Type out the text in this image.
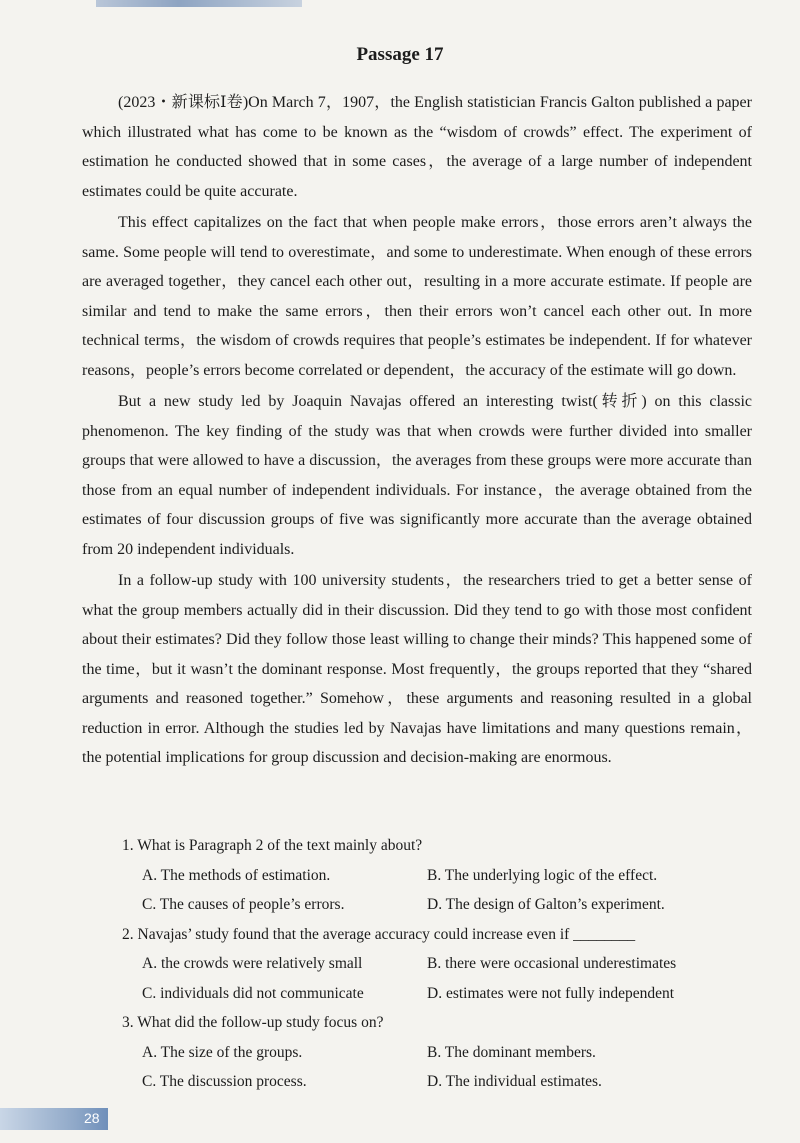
Passage 17

(2023・新课标Ⅰ卷)On March 7，1907，the English statistician Francis Galton published a paper which illustrated what has come to be known as the “wisdom of crowds” effect. The experiment of estimation he conducted showed that in some cases，the average of a large number of independent estimates could be quite accurate.

This effect capitalizes on the fact that when people make errors，those errors aren’t always the same. Some people will tend to overestimate，and some to underestimate. When enough of these errors are averaged together，they cancel each other out，resulting in a more accurate estimate. If people are similar and tend to make the same errors，then their errors won’t cancel each other out. In more technical terms，the wisdom of crowds requires that people’s estimates be independent. If for whatever reasons，people’s errors become correlated or dependent，the accuracy of the estimate will go down.

But a new study led by Joaquin Navajas offered an interesting twist(转折) on this classic phenomenon. The key finding of the study was that when crowds were further divided into smaller groups that were allowed to have a discussion，the averages from these groups were more accurate than those from an equal number of independent individuals. For instance，the average obtained from the estimates of four discussion groups of five was significantly more accurate than the average obtained from 20 independent individuals.

In a follow-up study with 100 university students，the researchers tried to get a better sense of what the group members actually did in their discussion. Did they tend to go with those most confident about their estimates? Did they follow those least willing to change their minds? This happened some of the time，but it wasn’t the dominant response. Most frequently，the groups reported that they “shared arguments and reasoned together.” Somehow，these arguments and reasoning resulted in a global reduction in error. Although the studies led by Navajas have limitations and many questions remain，the potential implications for group discussion and decision-making are enormous.

1. What is Paragraph 2 of the text mainly about?

A. The methods of estimation.	B. The underlying logic of the effect.
C. The causes of people’s errors.	D. The design of Galton’s experiment.

2. Navajas’ study found that the average accuracy could increase even if ________

A. the crowds were relatively small	B. there were occasional underestimates
C. individuals did not communicate	D. estimates were not fully independent

3. What did the follow-up study focus on?

A. The size of the groups.	B. The dominant members.
C. The discussion process.	D. The individual estimates.
28
